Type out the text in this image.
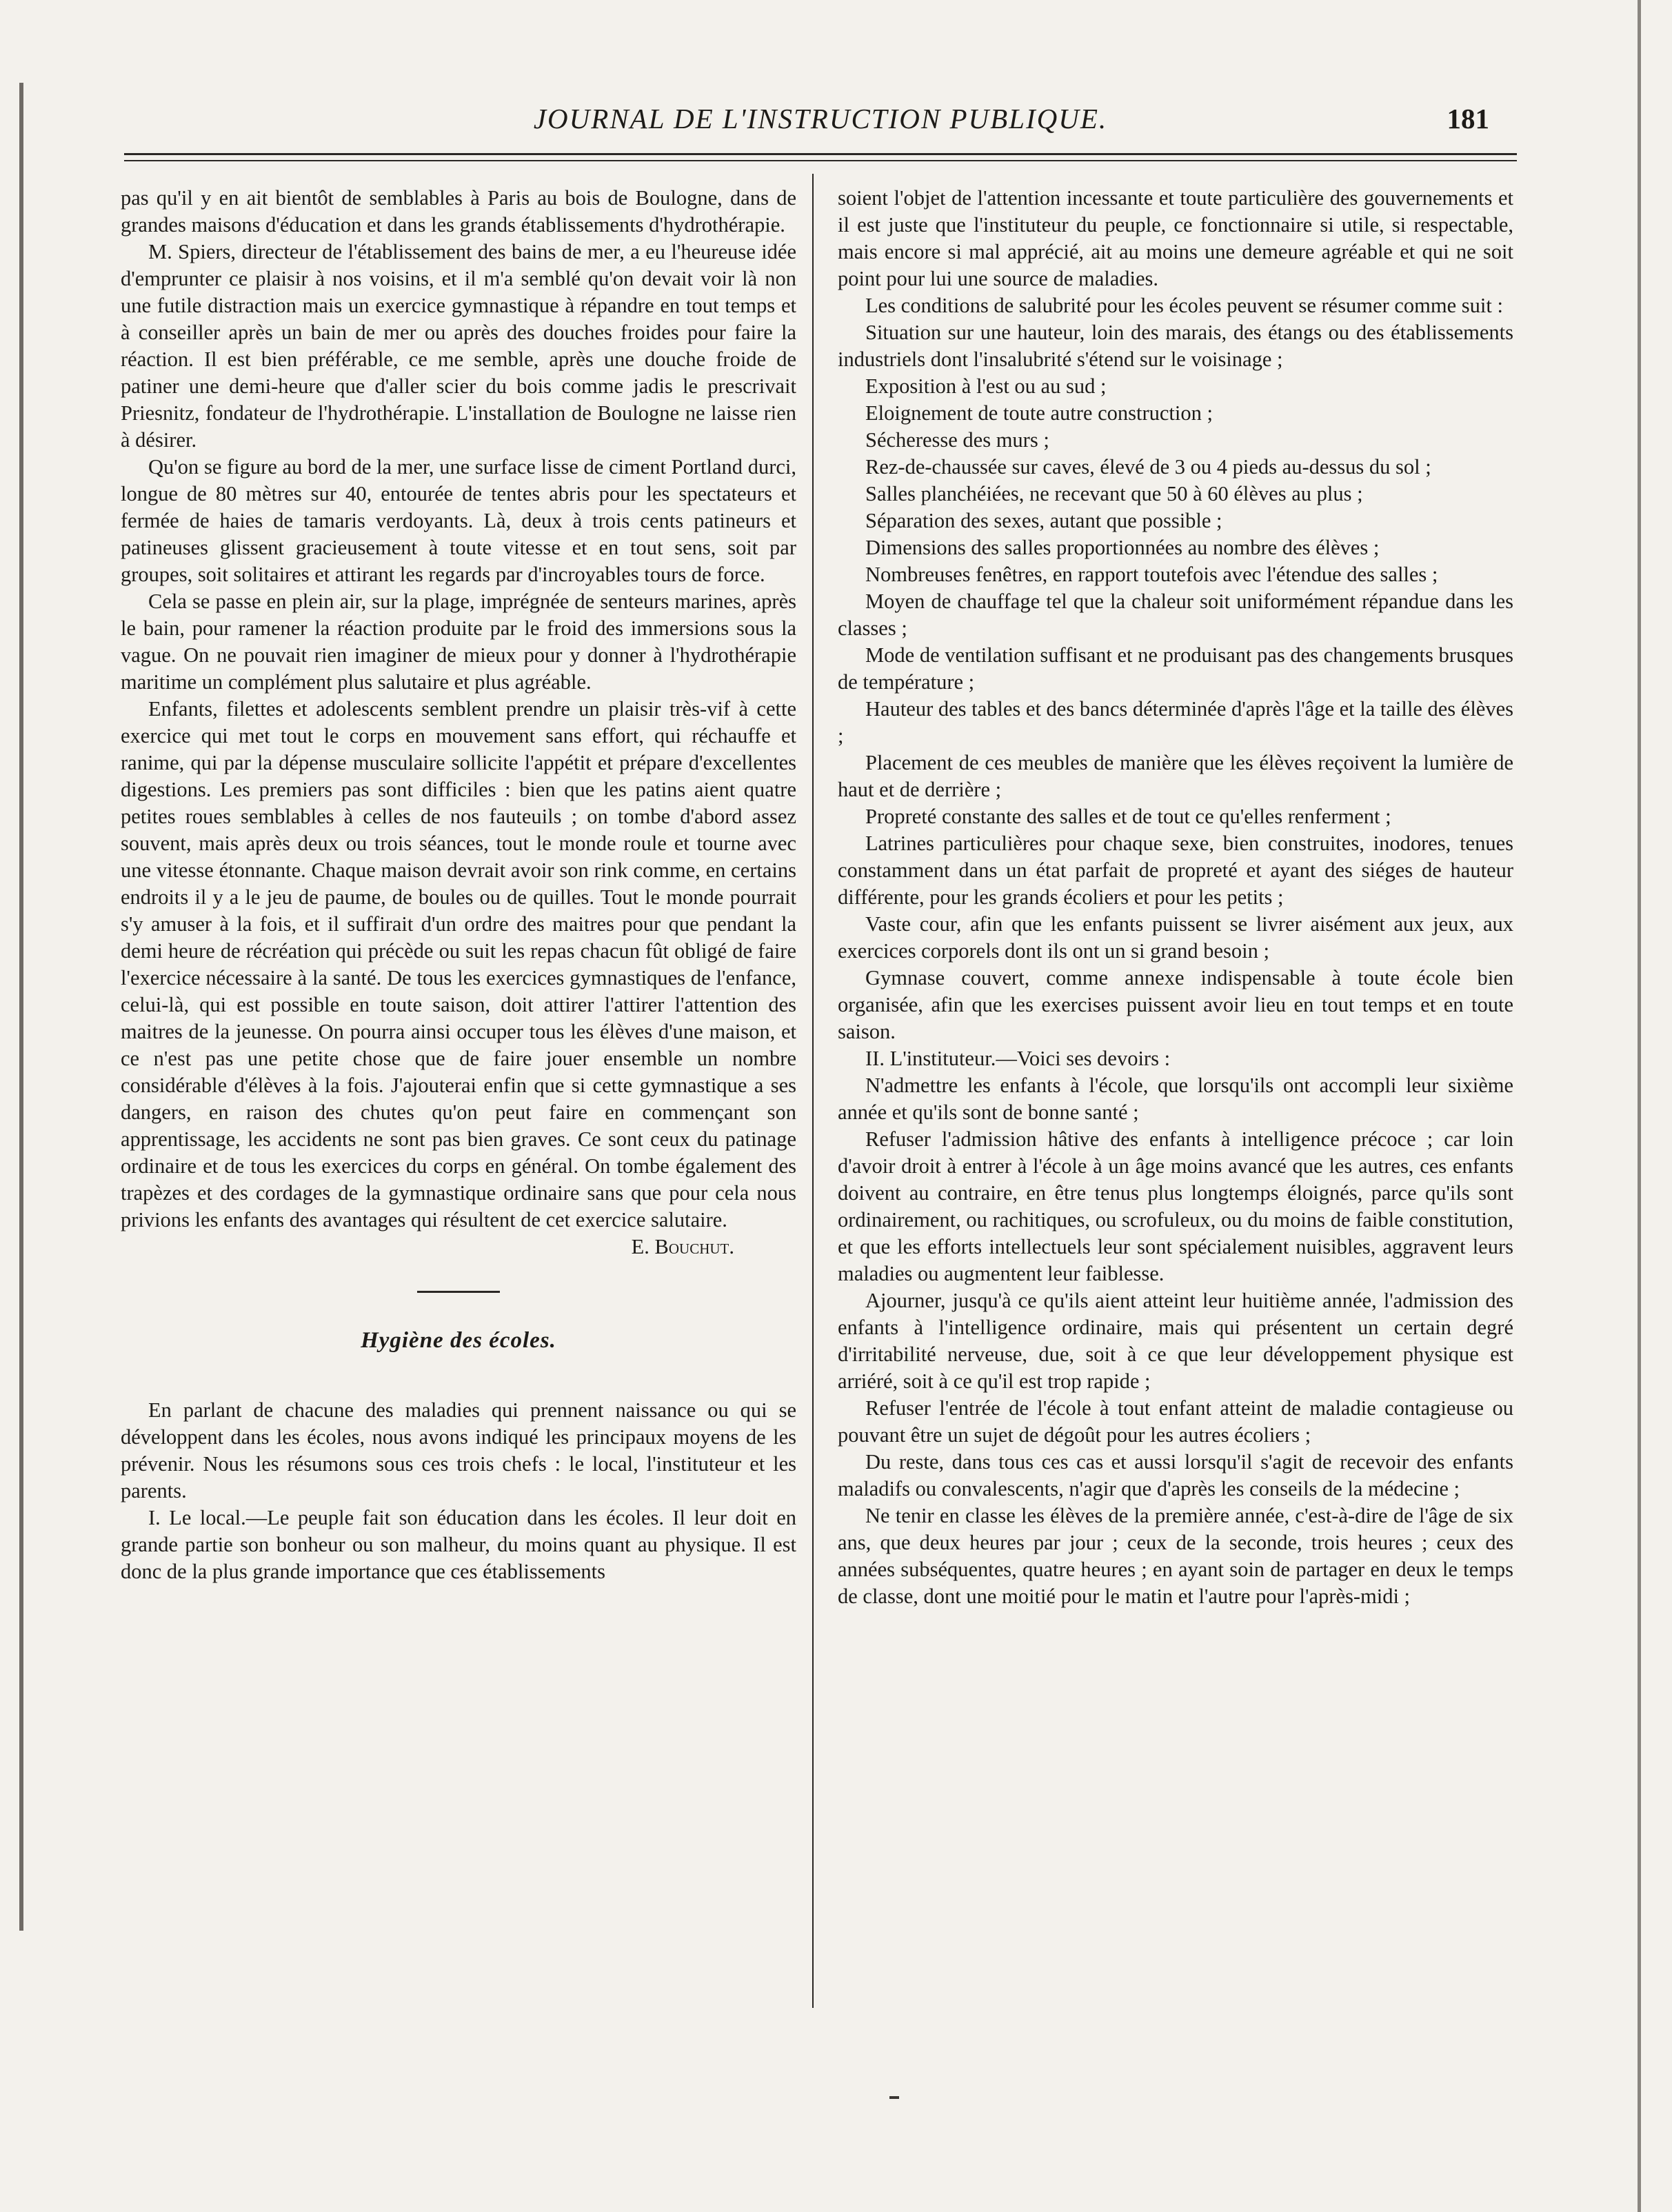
JOURNAL DE L'INSTRUCTION PUBLIQUE.	181

pas qu'il y en ait bientôt de semblables à Paris au bois de Boulogne, dans de grandes maisons d'éducation et dans les grands établissements d'hydrothérapie.

M. Spiers, directeur de l'établissement des bains de mer, a eu l'heureuse idée d'emprunter ce plaisir à nos voisins, et il m'a semblé qu'on devait voir là non une futile distraction mais un exercice gymnastique à répandre en tout temps et à conseiller après un bain de mer ou après des douches froides pour faire la réaction. Il est bien préférable, ce me semble, après une douche froide de patiner une demi-heure que d'aller scier du bois comme jadis le prescrivait Priesnitz, fondateur de l'hydrothérapie. L'installation de Boulogne ne laisse rien à désirer.

Qu'on se figure au bord de la mer, une surface lisse de ciment Portland durci, longue de 80 mètres sur 40, entourée de tentes abris pour les spectateurs et fermée de haies de tamaris verdoyants. Là, deux à trois cents patineurs et patineuses glissent gracieusement à toute vitesse et en tout sens, soit par groupes, soit solitaires et attirant les regards par d'incroyables tours de force.

Cela se passe en plein air, sur la plage, imprégnée de senteurs marines, après le bain, pour ramener la réaction produite par le froid des immersions sous la vague. On ne pouvait rien imaginer de mieux pour y donner à l'hydrothérapie maritime un complément plus salutaire et plus agréable.

Enfants, filettes et adolescents semblent prendre un plaisir très-vif à cette exercice qui met tout le corps en mouvement sans effort, qui réchauffe et ranime, qui par la dépense musculaire sollicite l'appétit et prépare d'excellentes digestions. Les premiers pas sont difficiles : bien que les patins aient quatre petites roues semblables à celles de nos fauteuils ; on tombe d'abord assez souvent, mais après deux ou trois séances, tout le monde roule et tourne avec une vitesse étonnante. Chaque maison devrait avoir son rink comme, en certains endroits il y a le jeu de paume, de boules ou de quilles. Tout le monde pourrait s'y amuser à la fois, et il suffirait d'un ordre des maitres pour que pendant la demi heure de récréation qui précède ou suit les repas chacun fût obligé de faire l'exercice nécessaire à la santé. De tous les exercices gymnastiques de l'enfance, celui-là, qui est possible en toute saison, doit attirer l'attirer l'attention des maitres de la jeunesse. On pourra ainsi occuper tous les élèves d'une maison, et ce n'est pas une petite chose que de faire jouer ensemble un nombre considérable d'élèves à la fois. J'ajouterai enfin que si cette gymnastique a ses dangers, en raison des chutes qu'on peut faire en commençant son apprentissage, les accidents ne sont pas bien graves. Ce sont ceux du patinage ordinaire et de tous les exercices du corps en général. On tombe également des trapèzes et des cordages de la gymnastique ordinaire sans que pour cela nous privions les enfants des avantages qui résultent de cet exercice salutaire.

E. Bouchut.

Hygiène des écoles.

En parlant de chacune des maladies qui prennent naissance ou qui se développent dans les écoles, nous avons indiqué les principaux moyens de les prévenir. Nous les résumons sous ces trois chefs : le local, l'instituteur et les parents.

I. Le local.—Le peuple fait son éducation dans les écoles. Il leur doit en grande partie son bonheur ou son malheur, du moins quant au physique. Il est donc de la plus grande importance que ces établissements

soient l'objet de l'attention incessante et toute particulière des gouvernements et il est juste que l'instituteur du peuple, ce fonctionnaire si utile, si respectable, mais encore si mal apprécié, ait au moins une demeure agréable et qui ne soit point pour lui une source de maladies.

Les conditions de salubrité pour les écoles peuvent se résumer comme suit :

Situation sur une hauteur, loin des marais, des étangs ou des établissements industriels dont l'insalubrité s'étend sur le voisinage ;

Exposition à l'est ou au sud ;

Eloignement de toute autre construction ;

Sécheresse des murs ;

Rez-de-chaussée sur caves, élevé de 3 ou 4 pieds au-dessus du sol ;

Salles planchéiées, ne recevant que 50 à 60 élèves au plus ;

Séparation des sexes, autant que possible ;

Dimensions des salles proportionnées au nombre des élèves ;

Nombreuses fenêtres, en rapport toutefois avec l'étendue des salles ;

Moyen de chauffage tel que la chaleur soit uniformément répandue dans les classes ;

Mode de ventilation suffisant et ne produisant pas des changements brusques de température ;

Hauteur des tables et des bancs déterminée d'après l'âge et la taille des élèves ;

Placement de ces meubles de manière que les élèves reçoivent la lumière de haut et de derrière ;

Propreté constante des salles et de tout ce qu'elles renferment ;

Latrines particulières pour chaque sexe, bien construites, inodores, tenues constamment dans un état parfait de propreté et ayant des siéges de hauteur différente, pour les grands écoliers et pour les petits ;

Vaste cour, afin que les enfants puissent se livrer aisément aux jeux, aux exercices corporels dont ils ont un si grand besoin ;

Gymnase couvert, comme annexe indispensable à toute école bien organisée, afin que les exercises puissent avoir lieu en tout temps et en toute saison.

II. L'instituteur.—Voici ses devoirs :

N'admettre les enfants à l'école, que lorsqu'ils ont accompli leur sixième année et qu'ils sont de bonne santé ;

Refuser l'admission hâtive des enfants à intelligence précoce ; car loin d'avoir droit à entrer à l'école à un âge moins avancé que les autres, ces enfants doivent au contraire, en être tenus plus longtemps éloignés, parce qu'ils sont ordinairement, ou rachitiques, ou scrofuleux, ou du moins de faible constitution, et que les efforts intellectuels leur sont spécialement nuisibles, aggravent leurs maladies ou augmentent leur faiblesse.

Ajourner, jusqu'à ce qu'ils aient atteint leur huitième année, l'admission des enfants à l'intelligence ordinaire, mais qui présentent un certain degré d'irritabilité nerveuse, due, soit à ce que leur développement physique est arriéré, soit à ce qu'il est trop rapide ;

Refuser l'entrée de l'école à tout enfant atteint de maladie contagieuse ou pouvant être un sujet de dégoût pour les autres écoliers ;

Du reste, dans tous ces cas et aussi lorsqu'il s'agit de recevoir des enfants maladifs ou convalescents, n'agir que d'après les conseils de la médecine ;

Ne tenir en classe les élèves de la première année, c'est-à-dire de l'âge de six ans, que deux heures par jour ; ceux de la seconde, trois heures ; ceux des années subséquentes, quatre heures ; en ayant soin de partager en deux le temps de classe, dont une moitié pour le matin et l'autre pour l'après-midi ;
